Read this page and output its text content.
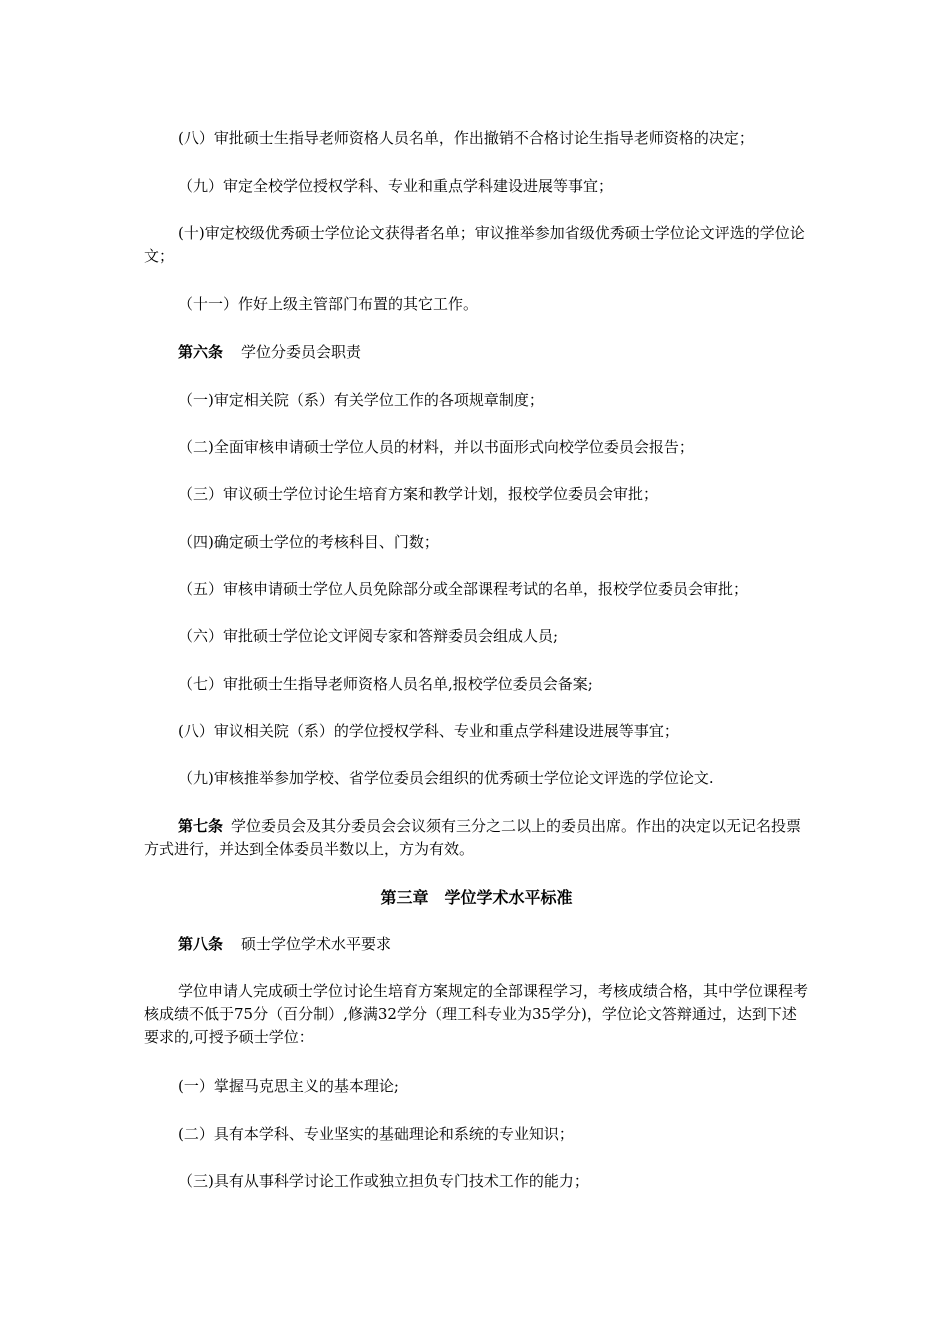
(八）审批硕士生指导老师资格人员名单，作出撤销不合格讨论生指导老师资格的决定；

（九）审定全校学位授权学科、专业和重点学科建设进展等事宜；

(十)审定校级优秀硕士学位论文获得者名单；审议推举参加省级优秀硕士学位论文评选的学位论文；

（十一）作好上级主管部门布置的其它工作。

第六条 学位分委员会职责

（一)审定相关院（系）有关学位工作的各项规章制度；

（二)全面审核申请硕士学位人员的材料，并以书面形式向校学位委员会报告；

（三）审议硕士学位讨论生培育方案和教学计划，报校学位委员会审批；

（四)确定硕士学位的考核科目、门数；

（五）审核申请硕士学位人员免除部分或全部课程考试的名单，报校学位委员会审批；

（六）审批硕士学位论文评阅专家和答辩委员会组成人员;

（七）审批硕士生指导老师资格人员名单,报校学位委员会备案;

(八）审议相关院（系）的学位授权学科、专业和重点学科建设进展等事宜；

（九)审核推举参加学校、省学位委员会组织的优秀硕士学位论文评选的学位论文.

第七条 学位委员会及其分委员会会议须有三分之二以上的委员出席。作出的决定以无记名投票方式进行，并达到全体委员半数以上，方为有效。

第三章　学位学术水平标准

第八条 硕士学位学术水平要求

学位申请人完成硕士学位讨论生培育方案规定的全部课程学习，考核成绩合格，其中学位课程考核成绩不低于75分（百分制）,修满32学分（理工科专业为35学分)，学位论文答辩通过，达到下述要求的,可授予硕士学位：

(一）掌握马克思主义的基本理论;

(二）具有本学科、专业坚实的基础理论和系统的专业知识；

（三)具有从事科学讨论工作或独立担负专门技术工作的能力；
